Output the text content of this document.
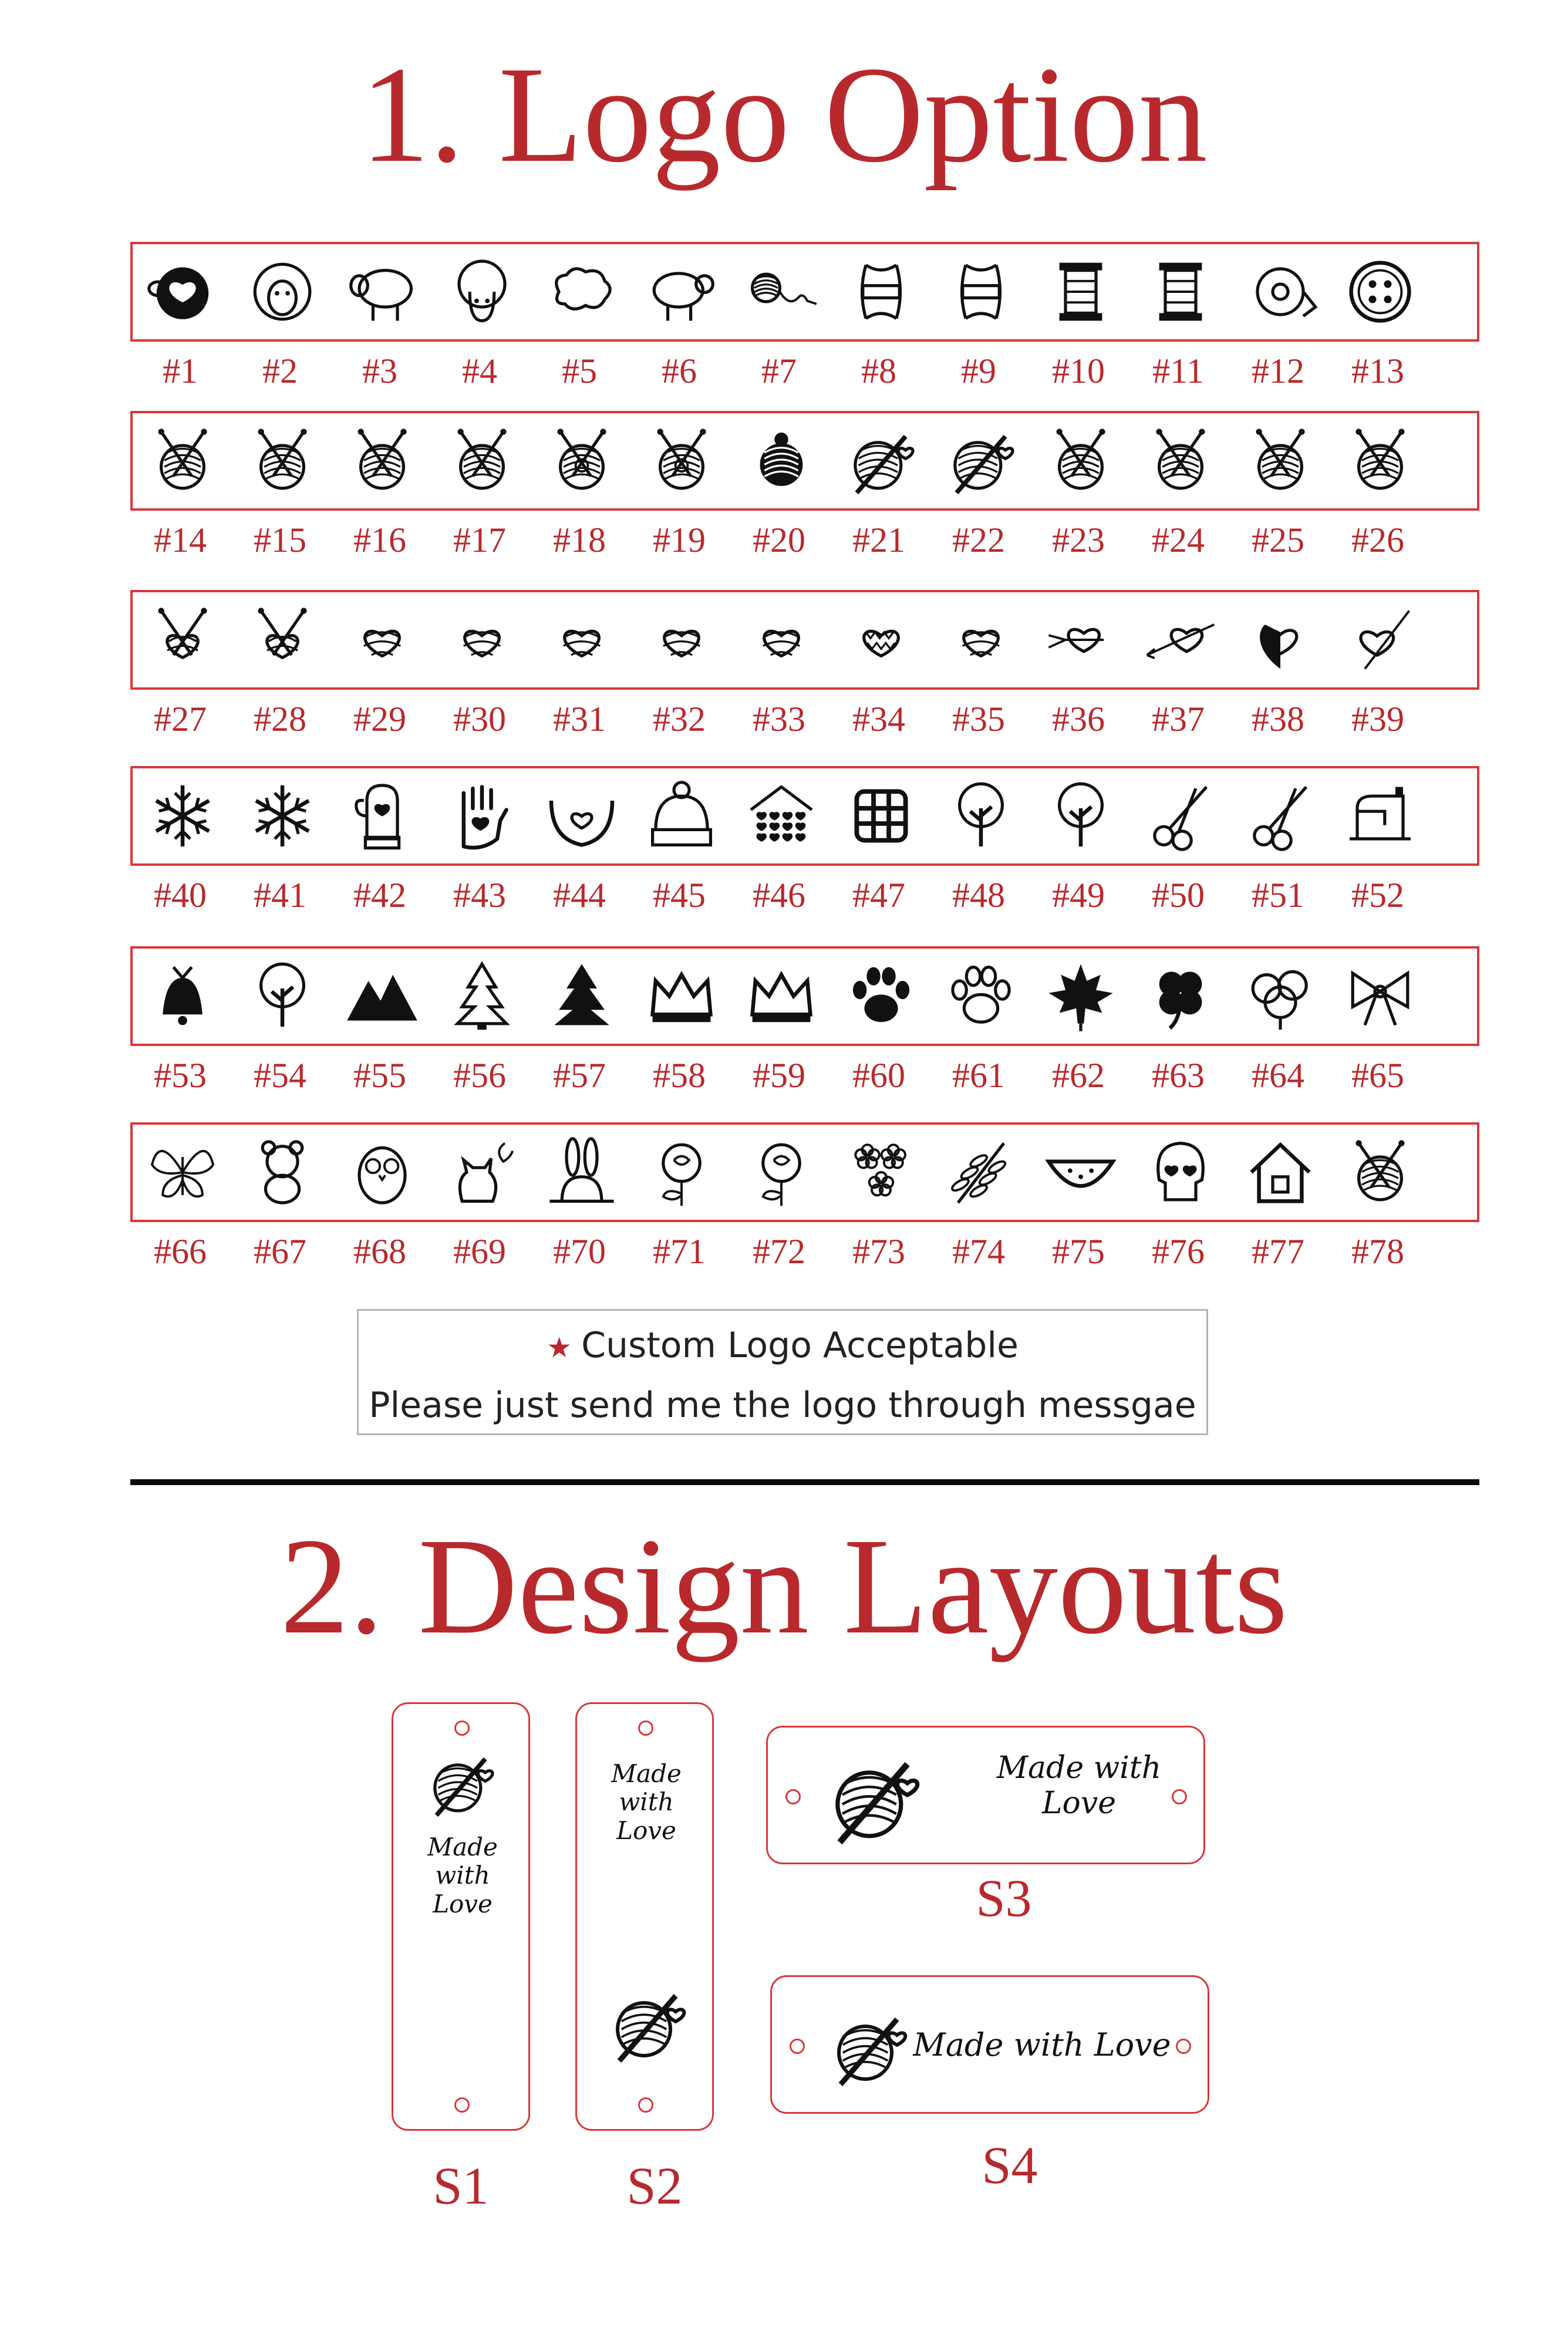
1. Logo Option
#1	#2	#3	#4	#5	#6	#7	#8	#9	#10	#11	#12	#13
#14	#15	#16	#17	#18	#19	#20	#21	#22	#23	#24	#25	#26
#27	#28	#29	#30	#31	#32	#33	#34	#35	#36	#37	#38	#39
#40	#41	#42	#43	#44	#45	#46	#47	#48	#49	#50	#51	#52
#53	#54	#55	#56	#57	#58	#59	#60	#61	#62	#63	#64	#65
#66	#67	#68	#69	#70	#71	#72	#73	#74	#75	#76	#77	#78
★ Custom Logo Acceptable
Please just send me the logo through messgae
2. Design Layouts
Made with
Love
S1
Made with
Love
S2
Made with
Love
S3
Made with Love
S4
